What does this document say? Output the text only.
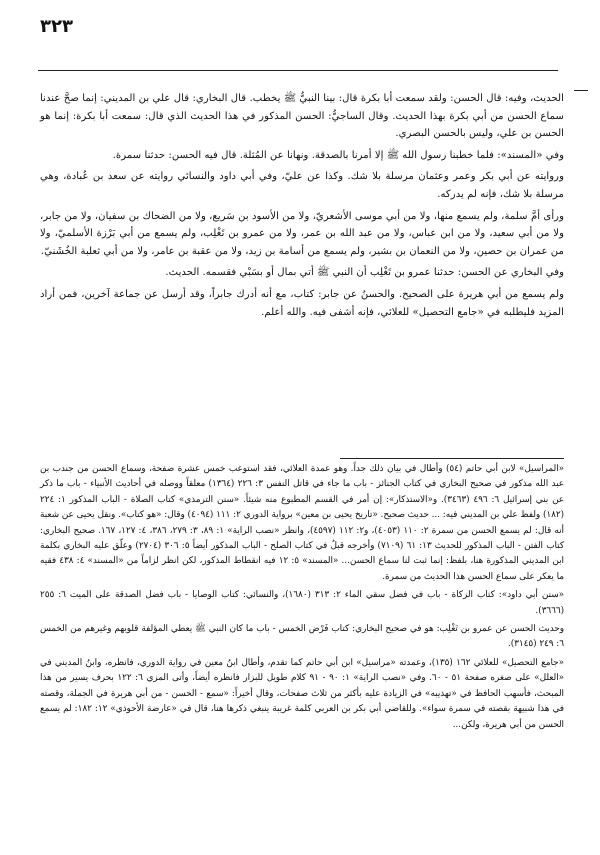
٣٢٣

الحديث، وفيه: قال الحسن: ولقد سمعت أبا بكرة قال: بينا النبيُّ ﷺ يخطب. قال البخاري: قال علي بن المديني: إنما صحَّ عندنا سماع الحسن من أبي بكرة بهذا الحديث. وقال الساجيُّ: الحسن المذكور في هذا الحديث الذي قال: سمعت أبا بكرة: إنما هو الحسن بن علي، وليس بالحسن البصري.

وفي «المسند»: فلما خطبنا رسول الله ﷺ إلا أمرنا بالصدقة. ونهانا عن المُثلة. قال فيه الحسن: حدثنا سمرة.

وروايته عن أبي بكر وعمر وعثمان مرسلة بلا شك. وكذا عن عليّ، وفي أبي داود والنسائي روايته عن سعد بن عُبادة، وهي مرسلة بلا شك، فإنه لم يدركه.

ورأى أمَّ سلمة، ولم يسمع منها، ولا من أبي موسى الأشعريّ، ولا من الأسود بن سَريع، ولا من الضحاك بن سفيان، ولا من جابر، ولا من أبي سعيد، ولا من ابن عباس، ولا من عبد الله بن عمر، ولا من عمرو بن تَغْلِب، ولم يسمع من أبي بَرْزة الأسلميّ، ولا من عمران بن حصين، ولا من النعمان بن بشير، ولم يسمع من أسامة بن زيد، ولا من عقبة بن عامر، ولا من أبي ثعلبة الخُشَنيّ.

وفي البخاري عن الحسن: حدثنا عمرو بن تَغْلِب أن النبي ﷺ أتي بمال أو بسَبْي فقسمه. الحديث.

ولم يسمع من أبي هريرة على الصحيح. والحسنُ عن جابر: كتاب، مع أنه أدرك جابراً، وقد أرسل عن جماعة آخرين، فمن أراد المزيد فليطلبه في «جامع التحصيل» للعلائي، فإنه أشفى فيه. والله أعلم.

«المراسيل» لابن أبي حاتم (٥٤) وأطال في بيان ذلك جداً. وهو عمدة العلائي، فقد استوعب خمس عشرة صفحة، وسماع الحسن من جندب بن عبد الله مذكور في صحيح البخاري في كتاب الجنائز - باب ما جاء في قاتل النفس ٣: ٢٢٦ (١٣٦٤) معلقاً ووصله في أحاديث الأنبياء - باب ما ذكر عن بني إسرائيل ٦: ٤٩٦ (٣٤٦٣). و«الاستذكار»: إن أمر في القسم المطبوع منه شيئاً. «سنن الترمذي» كتاب الصلاة - الباب المذكور ١: ٢٢٤ (١٨٢) ولفظ علي بن المديني فيه: ... حديث صحيح. «تاريخ يحيى بن معين» برواية الدوري ٢: ١١١ (٤٠٩٤) وقال: «هو كتاب». ونقل يحيى عن شعبة أنه قال: لم يسمع الحسن من سمرة ٢: ١١٠ (٤٠٥٣)، و٢: ١١٢ (٤٥٩٧)، وانظر «نصب الراية» ١: ٨٩، ٣: ٢٧٩، ٣٨٦، ٤: ١٢٧، ١٦٧. صحيح البخاري: كتاب الفتن - الباب المذكور للحديث ١٣: ٦١ (٧١٠٩) وأخرجه قبلُ في كتاب الصلح - الباب المذكور أيضاً ٥: ٣٠٦ (٢٧٠٤) وعلّق عليه البخاري بكلمة ابن المديني المذكورة هنا، بلفظ: إنما ثبت لنا سماع الحسن... «المسند» ٥: ١٢ فيه انقطاط المذكور، لكن انظر لزاماً من «المسند» ٤: ٤٣٨ فقيه ما يعكر على سماع الحسن هذا الحديث من سمرة.

«سنن أبي داود»: كتاب الزكاة - باب في فضل سقي الماء ٢: ٣١٣ (١٦٨٠)، والنسائي: كتاب الوصايا - باب فضل الصدقة على الميت ٦: ٢٥٥ (٣٦٦٦).

وحديث الحسن عن عمرو بن تَغْلِب: هو في صحيح البخاري: كتاب فَرْض الخمس - باب ما كان النبي ﷺ يعطي المؤلفة قلوبهم وغيرهم من الخمس ٦: ٢٤٩ (٣١٤٥).

«جامع التحصيل» للعلائي ١٦٢ (١٣٥)، وعمدته «مراسيل» ابن أبي حاتم كما تقدم، وأطال ابنُ معين في رواية الدوري، فانظره، وابنُ المديني في «العلل» على صغره صفحة ٥١ - ٦٠. وفي «نصب الراية» ١: ٩٠ - ٩١ كلام طويل للبزار فانظره أيضاً، وأتى المزي ٦: ١٢٢ بحرف يسير من هذا المبحث، فأسهب الحافظ في «تهذيبه» في الزيادة عليه بأكثر من ثلاث صفحات، وقال أخيراً: «سمع - الحسن - من أبي هريرة في الجملة، وقصته في هذا شبيهة بقصته في سمرة سواء». وللقاضي أبي بكر بن العربي كلمة غريبة ينبغي ذكرها هنا، قال في «عارضة الأحوذي» ١٢: ١٨٢: لم يسمع الحسن من أبي هريرة، ولكن...
